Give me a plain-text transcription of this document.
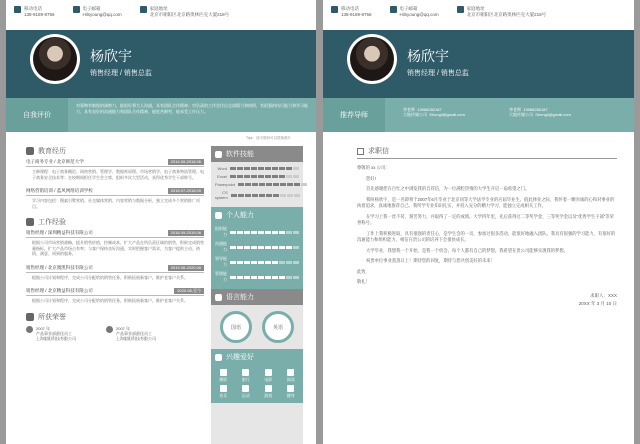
移动电话
138-9189-8756
电子邮箱
Hilsyoung@qq.com
家庭地址
北京市朝阳区北京路奥林匹克大厦218号
杨欣宇
销售经理 / 销售总监
自我评价
对事物有敏锐的洞察力，能很好将大人沟通，具有团队合作精神；对负责的工作会付出全部精力和热情，有很强的执行能力和学习能力，具有良好的沟通能力和团队合作精神，能吃苦耐劳，能承受工作压力。
Tips：选中图形可以替换图片
教育经历
电子商务专业 / 北京师范大学	2014.09-2018.06
主修课程：电子商务概论、网络营销、管理学、数据库原理、市场营销学、电子商务物流管理、电子商务安全技术等；在校期间担任学生会主席，组织多次大型活动，获得优秀学生干部称号。
网络营销培训 / 蓝风网络培训学校	2018.07-2018.09
学习内容包括：搜索引擎营销、社交媒体营销、内容营销与数据分析，独立完成多个营销推广项目。
工作经验
销售经理 / 深圳精益科技有限公司	2018.09-2019.06
根据公司市场营销战略，提升销售价值，控制成本，扩大产品在所负责区域的销售，积极完成销售量指标，扩大产品市场占有率；与客户保持良好沟通，实时把握客户需求，为客户提供主动、热情、满意、周到的服务。
销售经理 / 北京澳凯科技有限公司	2019.06-2020.08
根据公司计划和程序，完成公司分配给的销售任务，积极拓展新客户，维护老客户关系。
销售经理 / 北京精益科技有限公司	2020.08-至今
根据公司计划和程序，完成公司分配给的销售任务，积极拓展新客户，维护老客户关系。
所获荣誉
2007 年
产品事业部最佳员工
上海毅阳科技有限公司
2007 年
产品事业部最佳员工
上海毅阳科技有限公司
软件技能
Word
Excel
Powerpoint
CS system
个人能力
组织能力
沟通能力
领导能力
管理能力
语言能力
国语	英语
兴趣爱好
摄影	旅行	电影	阅读
音乐	运动	游戏	健身
移动电话
138-9189-8756
电子邮箱
Hilsyoung@qq.com
家庭地址
北京市朝阳区北京路奥林匹克大厦218号
杨欣宇
销售经理 / 销售总监
推荐导师
李老师 13966282187
大地传媒公司 Shongli@gmail.com
李老师 13966282187
大地传媒公司 Shongli@gmail.com
求职信

尊敬的 xx 公司：

您好!

首先感谢您在百忙之中浏览我的自荐信，为一位满腔热情的大学生开启一扇希望之门。

我叫杨欣宇，是一名即将于2007年6月毕业于北京同等大学法学专业的应届毕业生。值此择业之际，我怀着一颗赤诚的心和对事业的执着追求，真诚地推荐自己。我所学专业知识扎实，并投入充分的精力学习，能独立完成相关工作。

在学习上我一丝不苟，刻苦努力，并取得了一定的成绩。大学四年里，先后获得过二等奖学金、三等奖学金以及“优秀学生干部”等荣誉称号。

工作上我积极进取，具有很强的责任心，是学生会的一员，参加过很多活动，能很好地融入团队。我具有很强的学习能力，有很好的沟通能力和组织能力，相信在贵公司的培养下会很快成长。

大学毕业，我想我一个开始，是我一个机会。每个人都有自己的梦想，我希望在贵公司能够实现我的梦想。

祝贵单位事业蒸蒸日上！期待您的回复，期待与您共创美好的未来！

此致

敬礼！

求职人：XXX
20XX 年 3 月 10 日
